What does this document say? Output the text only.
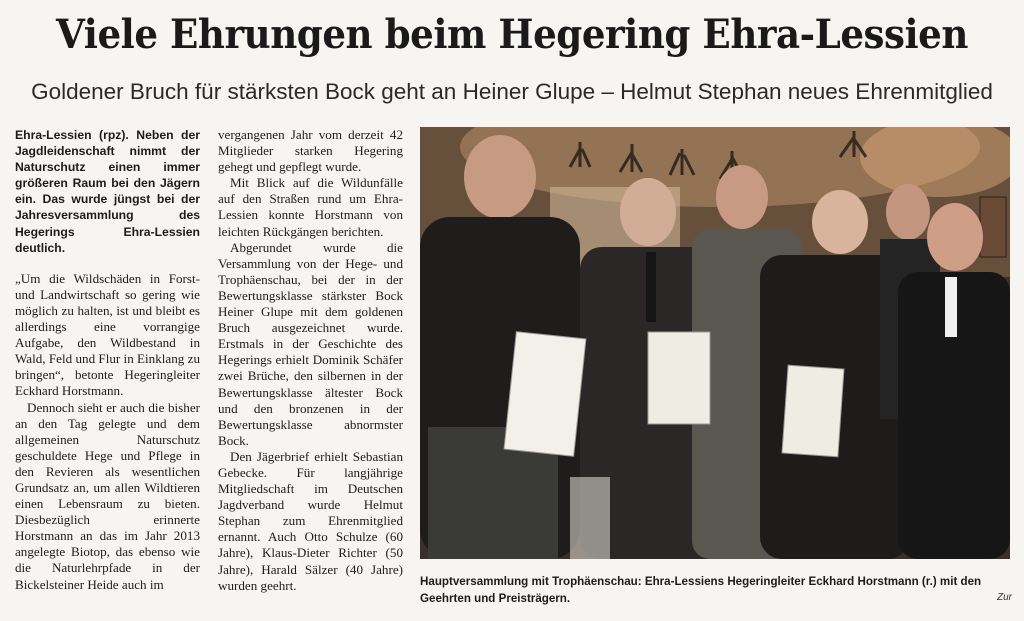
Viele Ehrungen beim Hegering Ehra-Lessien
Goldener Bruch für stärksten Bock geht an Heiner Glupe – Helmut Stephan neues Ehrenmitglied

Ehra-Lessien (rpz). Neben der Jagdleidenschaft nimmt der Naturschutz einen immer größeren Raum bei den Jägern ein. Das wurde jüngst bei der Jahresversammlung des Hegerings Ehra-Lessien deutlich.

„Um die Wildschäden in Forst- und Landwirtschaft so gering wie möglich zu halten, ist und bleibt es allerdings eine vorrangige Aufgabe, den Wildbestand in Wald, Feld und Flur in Einklang zu bringen“, betonte Hegeringleiter Eckhard Horstmann.

Dennoch sieht er auch die bisher an den Tag gelegte und dem allgemeinen Naturschutz geschuldete Hege und Pflege in den Revieren als wesentlichen Grundsatz an, um allen Wildtieren einen Lebensraum zu bieten. Diesbezüglich erinnerte Horstmann an das im Jahr 2013 angelegte Biotop, das ebenso wie die Naturlehrpfade in der Bickelsteiner Heide auch im

vergangenen Jahr vom derzeit 42 Mitglieder starken Hegering gehegt und gepflegt wurde.

Mit Blick auf die Wildunfälle auf den Straßen rund um Ehra-Lessien konnte Horstmann von leichten Rückgängen berichten.

Abgerundet wurde die Versammlung von der Hege- und Trophäenschau, bei der in der Bewertungsklasse stärkster Bock Heiner Glupe mit dem goldenen Bruch ausgezeichnet wurde. Erstmals in der Geschichte des Hegerings erhielt Dominik Schäfer zwei Brüche, den silbernen in der Bewertungsklasse ältester Bock und den bronzenen in der Bewertungsklasse abnormster Bock.

Den Jägerbrief erhielt Sebastian Gebecke. Für langjährige Mitgliedschaft im Deutschen Jagdverband wurde Helmut Stephan zum Ehrenmitglied ernannt. Auch Otto Schulze (60 Jahre), Klaus-Dieter Richter (50 Jahre), Harald Sälzer (40 Jahre) wurden geehrt.	Hauptversammlung mit Trophäenschau: Ehra-Lessiens Hegeringleiter Eckhard Horstmann (r.) mit den Geehrten und Preisträgern.	Zur
